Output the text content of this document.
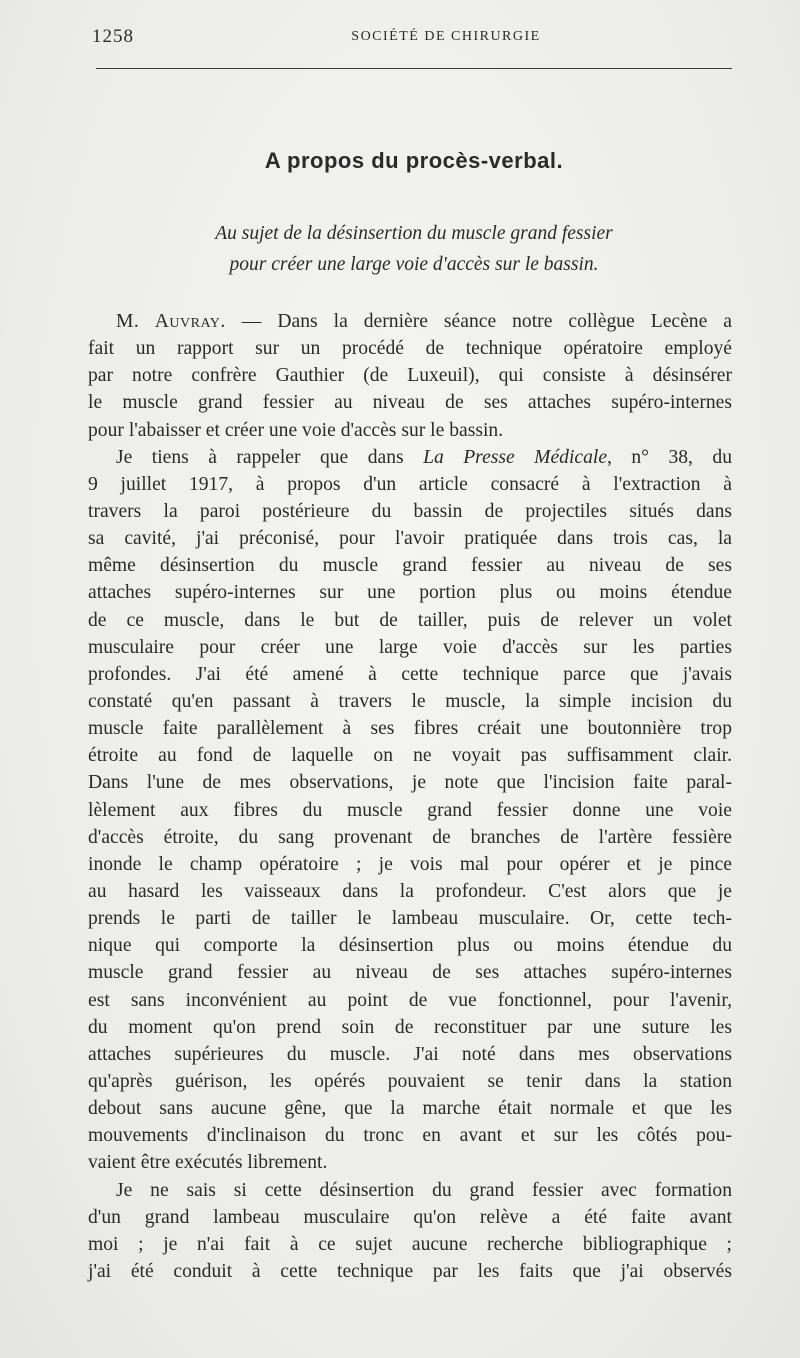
1258	SOCIÉTÉ DE CHIRURGIE
A propos du procès-verbal.
Au sujet de la désinsertion du muscle grand fessier
pour créer une large voie d'accès sur le bassin.
M. Auvray. — Dans la dernière séance notre collègue Lecène a
fait un rapport sur un procédé de technique opératoire employé
par notre confrère Gauthier (de Luxeuil), qui consiste à désinsérer
le muscle grand fessier au niveau de ses attaches supéro-internes
pour l'abaisser et créer une voie d'accès sur le bassin.
Je tiens à rappeler que dans La Presse Médicale, n° 38, du
9 juillet 1917, à propos d'un article consacré à l'extraction à
travers la paroi postérieure du bassin de projectiles situés dans
sa cavité, j'ai préconisé, pour l'avoir pratiquée dans trois cas, la
même désinsertion du muscle grand fessier au niveau de ses
attaches supéro-internes sur une portion plus ou moins étendue
de ce muscle, dans le but de tailler, puis de relever un volet
musculaire pour créer une large voie d'accès sur les parties
profondes. J'ai été amené à cette technique parce que j'avais
constaté qu'en passant à travers le muscle, la simple incision du
muscle faite parallèlement à ses fibres créait une boutonnière trop
étroite au fond de laquelle on ne voyait pas suffisamment clair.
Dans l'une de mes observations, je note que l'incision faite paral-
lèlement aux fibres du muscle grand fessier donne une voie
d'accès étroite, du sang provenant de branches de l'artère fessière
inonde le champ opératoire ; je vois mal pour opérer et je pince
au hasard les vaisseaux dans la profondeur. C'est alors que je
prends le parti de tailler le lambeau musculaire. Or, cette tech-
nique qui comporte la désinsertion plus ou moins étendue du
muscle grand fessier au niveau de ses attaches supéro-internes
est sans inconvénient au point de vue fonctionnel, pour l'avenir,
du moment qu'on prend soin de reconstituer par une suture les
attaches supérieures du muscle. J'ai noté dans mes observations
qu'après guérison, les opérés pouvaient se tenir dans la station
debout sans aucune gêne, que la marche était normale et que les
mouvements d'inclinaison du tronc en avant et sur les côtés pou-
vaient être exécutés librement.
Je ne sais si cette désinsertion du grand fessier avec formation
d'un grand lambeau musculaire qu'on relève a été faite avant
moi ; je n'ai fait à ce sujet aucune recherche bibliographique ;
j'ai été conduit à cette technique par les faits que j'ai observés
